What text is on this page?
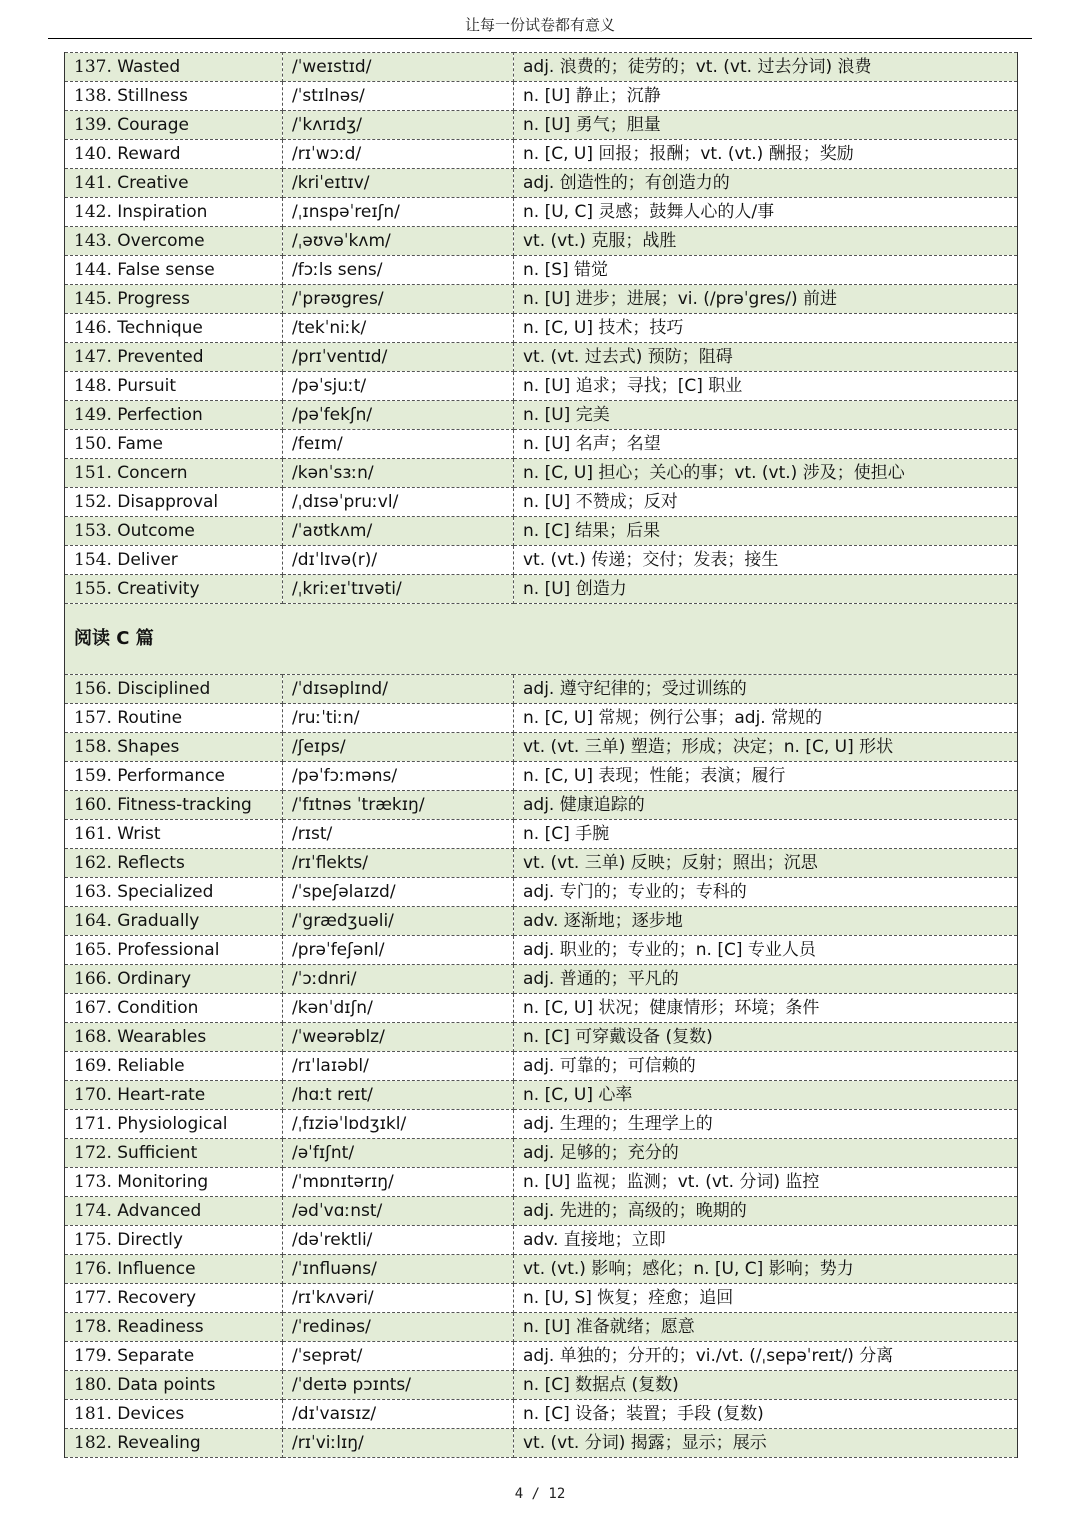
让每一份试卷都有意义
137. Wasted	/ˈweɪstɪd/	adj. 浪费的；徒劳的；vt. (vt. 过去分词) 浪费
138. Stillness	/ˈstɪlnəs/	n. [U] 静止；沉静
139. Courage	/ˈkʌrɪdʒ/	n. [U] 勇气；胆量
140. Reward	/rɪˈwɔːd/	n. [C, U] 回报；报酬；vt. (vt.) 酬报；奖励
141. Creative	/kriˈeɪtɪv/	adj. 创造性的；有创造力的
142. Inspiration	/ˌɪnspəˈreɪʃn/	n. [U, C] 灵感；鼓舞人心的人/事
143. Overcome	/ˌəʊvəˈkʌm/	vt. (vt.) 克服；战胜
144. False sense	/fɔːls sens/	n. [S] 错觉
145. Progress	/ˈprəʊgres/	n. [U] 进步；进展；vi. (/prəˈgres/) 前进
146. Technique	/tekˈniːk/	n. [C, U] 技术；技巧
147. Prevented	/prɪˈventɪd/	vt. (vt. 过去式) 预防；阻碍
148. Pursuit	/pəˈsjuːt/	n. [U] 追求；寻找；[C] 职业
149. Perfection	/pəˈfekʃn/	n. [U] 完美
150. Fame	/feɪm/	n. [U] 名声；名望
151. Concern	/kənˈsɜːn/	n. [C, U] 担心；关心的事；vt. (vt.) 涉及；使担心
152. Disapproval	/ˌdɪsəˈpruːvl/	n. [U] 不赞成；反对
153. Outcome	/ˈaʊtkʌm/	n. [C] 结果；后果
154. Deliver	/dɪˈlɪvə(r)/	vt. (vt.) 传递；交付；发表；接生
155. Creativity	/ˌkriːeɪˈtɪvəti/	n. [U] 创造力
阅读 C 篇		
156. Disciplined	/ˈdɪsəplɪnd/	adj. 遵守纪律的；受过训练的
157. Routine	/ruːˈtiːn/	n. [C, U] 常规；例行公事；adj. 常规的
158. Shapes	/ʃeɪps/	vt. (vt. 三单) 塑造；形成；决定；n. [C, U] 形状
159. Performance	/pəˈfɔːməns/	n. [C, U] 表现；性能；表演；履行
160. Fitness-tracking	/ˈfɪtnəs ˈtrækɪŋ/	adj. 健康追踪的
161. Wrist	/rɪst/	n. [C] 手腕
162. Reflects	/rɪˈflekts/	vt. (vt. 三单) 反映；反射；照出；沉思
163. Specialized	/ˈspeʃəlaɪzd/	adj. 专门的；专业的；专科的
164. Gradually	/ˈgrædʒuəli/	adv. 逐渐地；逐步地
165. Professional	/prəˈfeʃənl/	adj. 职业的；专业的；n. [C] 专业人员
166. Ordinary	/ˈɔːdnri/	adj. 普通的；平凡的
167. Condition	/kənˈdɪʃn/	n. [C, U] 状况；健康情形；环境；条件
168. Wearables	/ˈweərəblz/	n. [C] 可穿戴设备 (复数)
169. Reliable	/rɪˈlaɪəbl/	adj. 可靠的；可信赖的
170. Heart-rate	/hɑːt reɪt/	n. [C, U] 心率
171. Physiological	/ˌfɪziəˈlɒdʒɪkl/	adj. 生理的；生理学上的
172. Sufficient	/əˈfɪʃnt/	adj. 足够的；充分的
173. Monitoring	/ˈmɒnɪtərɪŋ/	n. [U] 监视；监测；vt. (vt. 分词) 监控
174. Advanced	/ədˈvɑːnst/	adj. 先进的；高级的；晚期的
175. Directly	/dəˈrektli/	adv. 直接地；立即
176. Influence	/ˈɪnfluəns/	vt. (vt.) 影响；感化；n. [U, C] 影响；势力
177. Recovery	/rɪˈkʌvəri/	n. [U, S] 恢复；痊愈；追回
178. Readiness	/ˈredinəs/	n. [U] 准备就绪；愿意
179. Separate	/ˈseprət/	adj. 单独的；分开的；vi./vt. (/ˌsepəˈreɪt/) 分离
180. Data points	/ˈdeɪtə pɔɪnts/	n. [C] 数据点 (复数)
181. Devices	/dɪˈvaɪsɪz/	n. [C] 设备；装置；手段 (复数)
182. Revealing	/rɪˈviːlɪŋ/	vt. (vt. 分词) 揭露；显示；展示
4 / 12
